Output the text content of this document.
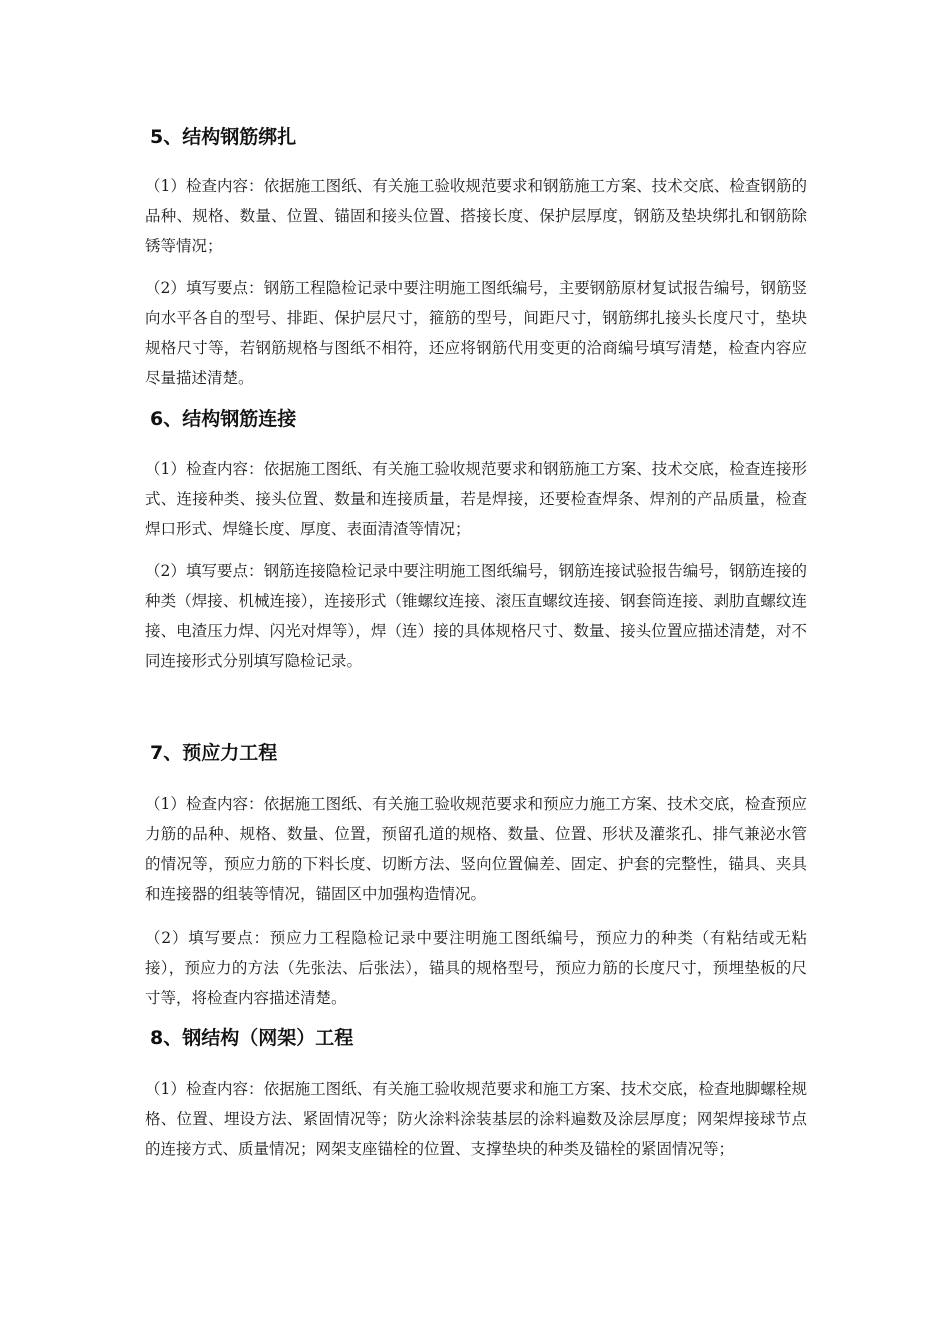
5、结构钢筋绑扎

（1）检查内容：依据施工图纸、有关施工验收规范要求和钢筋施工方案、技术交底、检查钢筋的品种、规格、数量、位置、锚固和接头位置、搭接长度、保护层厚度，钢筋及垫块绑扎和钢筋除锈等情况；

（2）填写要点：钢筋工程隐检记录中要注明施工图纸编号，主要钢筋原材复试报告编号，钢筋竖向水平各自的型号、排距、保护层尺寸，箍筋的型号，间距尺寸，钢筋绑扎接头长度尺寸，垫块规格尺寸等，若钢筋规格与图纸不相符，还应将钢筋代用变更的洽商编号填写清楚，检查内容应尽量描述清楚。

6、结构钢筋连接

（1）检查内容：依据施工图纸、有关施工验收规范要求和钢筋施工方案、技术交底，检查连接形式、连接种类、接头位置、数量和连接质量，若是焊接，还要检查焊条、焊剂的产品质量，检查焊口形式、焊缝长度、厚度、表面清渣等情况；

（2）填写要点：钢筋连接隐检记录中要注明施工图纸编号，钢筋连接试验报告编号，钢筋连接的种类（焊接、机械连接），连接形式（锥螺纹连接、滚压直螺纹连接、钢套筒连接、剥肋直螺纹连接、电渣压力焊、闪光对焊等），焊（连）接的具体规格尺寸、数量、接头位置应描述清楚，对不同连接形式分别填写隐检记录。

7、预应力工程

（1）检查内容：依据施工图纸、有关施工验收规范要求和预应力施工方案、技术交底，检查预应力筋的品种、规格、数量、位置，预留孔道的规格、数量、位置、形状及灌浆孔、排气兼泌水管的情况等，预应力筋的下料长度、切断方法、竖向位置偏差、固定、护套的完整性，锚具、夹具和连接器的组装等情况，锚固区中加强构造情况。

（2）填写要点：预应力工程隐检记录中要注明施工图纸编号，预应力的种类（有粘结或无粘接），预应力的方法（先张法、后张法），锚具的规格型号，预应力筋的长度尺寸，预埋垫板的尺寸等，将检查内容描述清楚。

8、钢结构（网架）工程

（1）检查内容：依据施工图纸、有关施工验收规范要求和施工方案、技术交底，检查地脚螺栓规格、位置、埋设方法、紧固情况等；防火涂料涂装基层的涂料遍数及涂层厚度；网架焊接球节点的连接方式、质量情况；网架支座锚栓的位置、支撑垫块的种类及锚栓的紧固情况等；
